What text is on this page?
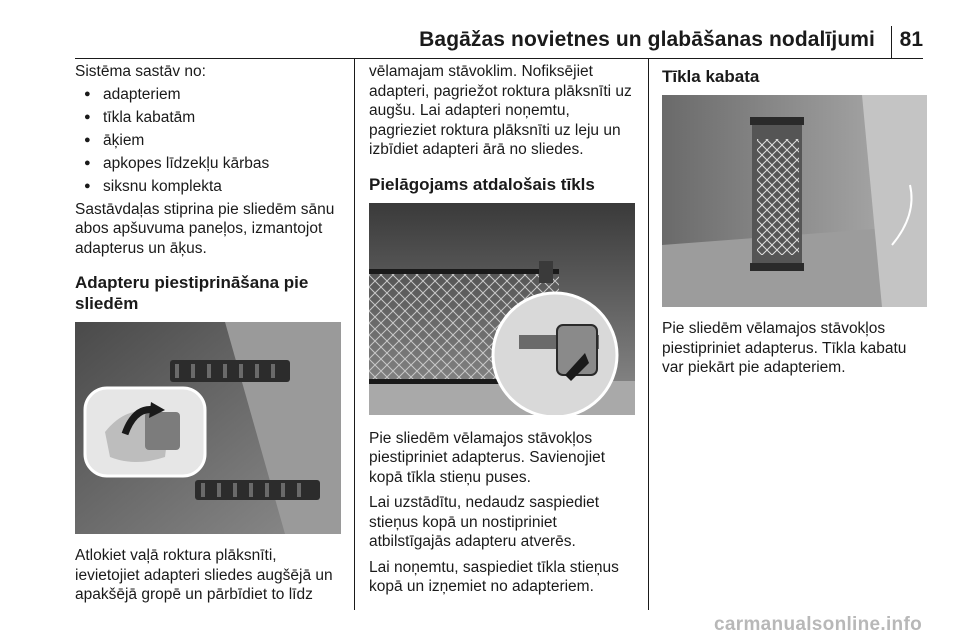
Bagāžas novietnes un glabāšanas nodalījumi 81

Sistēma sastāv no:

● adapteriem
● tīkla kabatām
● āķiem
● apkopes līdzekļu kārbas
● siksnu komplekta

Sastāvdaļas stiprina pie sliedēm sānu abos apšuvuma paneļos, izmantojot adapterus un āķus.

Adapteru piestiprināšana pie sliedēm

Atlokiet vaļā roktura plāksnīti, ievietojiet adapteri sliedes augšējā un apakšējā gropē un pārbīdiet to līdz

vēlamajam stāvoklim. Nofiksējiet adapteri, pagriežot roktura plāksnīti uz augšu. Lai adapteri noņemtu, pagrieziet roktura plāksnīti uz leju un izbīdiet adapteri ārā no sliedes.

Pielāgojams atdalošais tīkls

Pie sliedēm vēlamajos stāvokļos piestipriniet adapterus. Savienojiet kopā tīkla stieņu puses.

Lai uzstādītu, nedaudz saspiediet stieņus kopā un nostipriniet atbilstīgajās adapteru atverēs.

Lai noņemtu, saspiediet tīkla stieņus kopā un izņemiet no adapteriem.

Tīkla kabata

Pie sliedēm vēlamajos stāvokļos piestipriniet adapterus. Tīkla kabatu var piekārt pie adapteriem.

carmanualsonline.info
